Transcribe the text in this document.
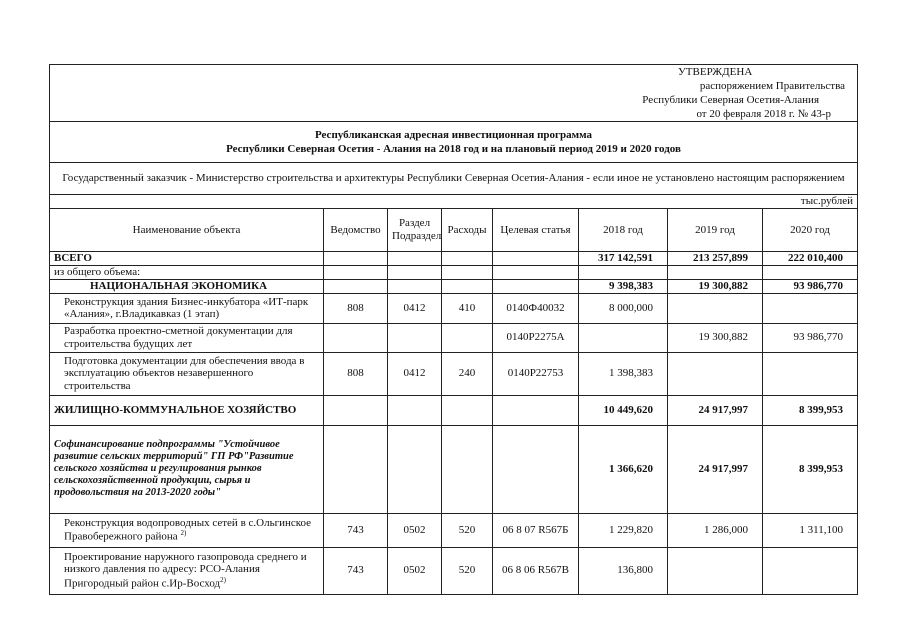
УТВЕРЖДЕНА							
распоряжением Правительства							
Республики Северная Осетия-Алания							
от 20 февраля 2018 г. № 43-р							

Республиканская адресная инвестиционная программа
Республики Северная Осетия - Алания на 2018 год и на плановый период 2019 и 2020 годов							

Государственный заказчик - Министерство строительства и архитектуры Республики Северная Осетия-Алания - если иное не установлено настоящим распоряжением							
тыс.рублей							
Наименование объекта	Ведомство	Раздел Подраздел	Расходы	Целевая статья	2018 год	2019 год	2020 год
ВСЕГО					317 142,591	213 257,899	222 010,400
из общего объема:							
НАЦИОНАЛЬНАЯ ЭКОНОМИКА					9 398,383	19 300,882	93 986,770
Реконструкция здания Бизнес-инкубатора «ИТ-парк «Алания», г.Владикавказ (1 этап)	808	0412	410	0140Ф40032	8 000,000		
Разработка проектно-сметной документации для строительства будущих лет				0140Р2275А		19 300,882	93 986,770
Подготовка документации для обеспечения ввода в эксплуатацию объектов незавершенного строительства	808	0412	240	0140Р22753	1 398,383		
ЖИЛИЩНО-КОММУНАЛЬНОЕ ХОЗЯЙСТВО					10 449,620	24 917,997	8 399,953
Софинансирование подпрограммы "Устойчивое развитие сельских территорий" ГП РФ"Развитие сельского хозяйства и регулирования рынков сельскохозяйственной продукции, сырья и продовольствия на 2013-2020 годы"					1 366,620	24 917,997	8 399,953
Реконструкция водопроводных сетей в с.Ольгинское Правобережного района $^{2)}$	743	0502	520	06 8 07 R567Б	1 229,820	1 286,000	1 311,100
Проектирование наружного газопровода среднего и низкого давления по адресу: РСО-Алания Пригородный район с.Ир-Восход$^{2)}$	743	0502	520	06 8 06 R567В	136,800		
